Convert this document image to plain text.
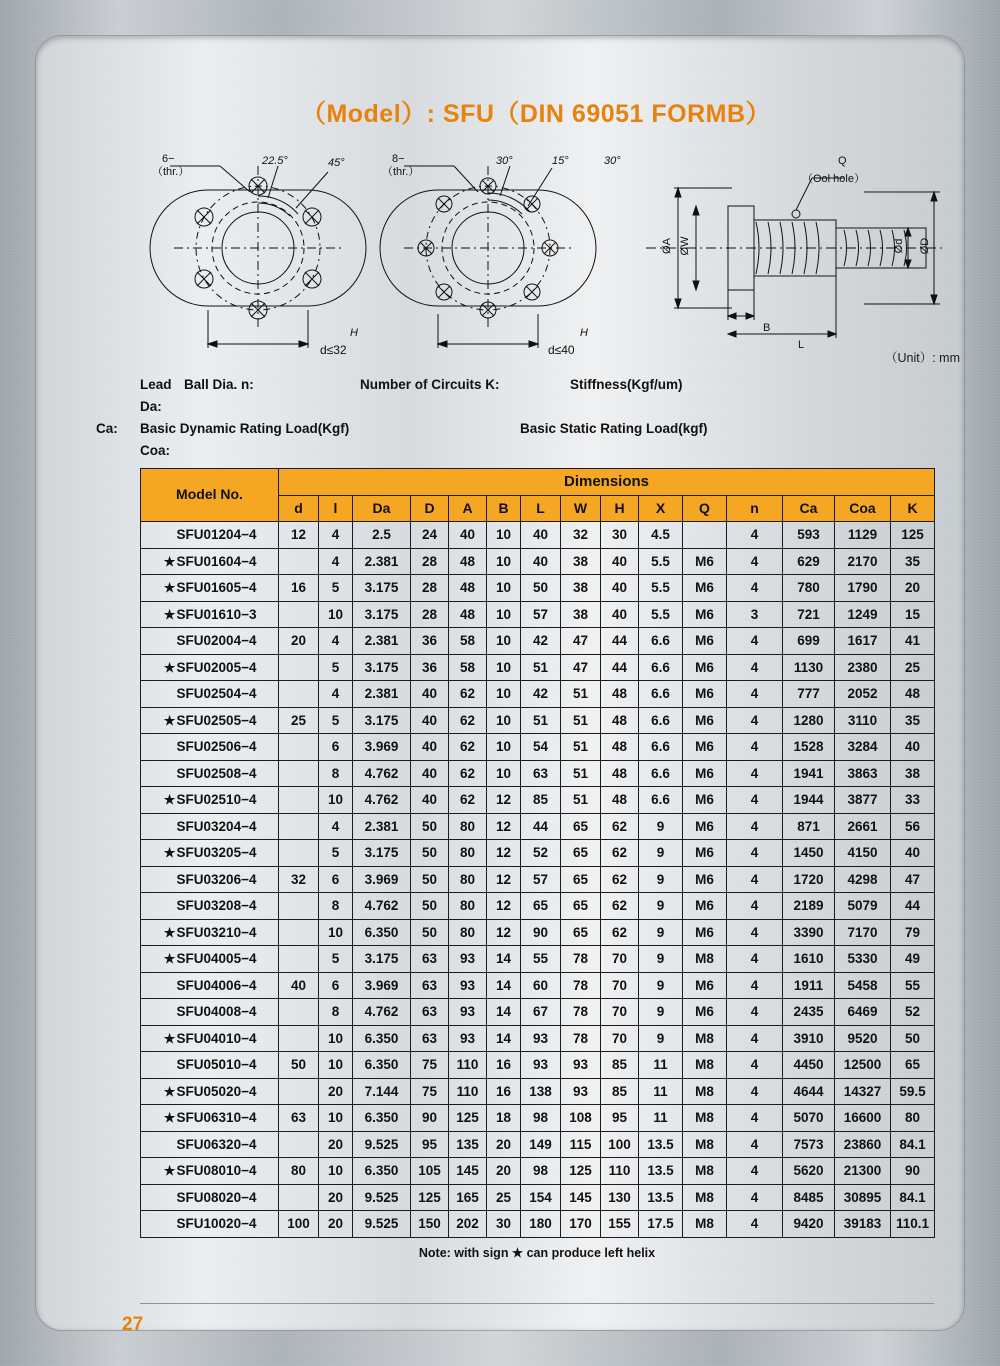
（Model）: SFU（DIN 69051 FORMB）
6−
（thr.）
22.5°	45°
H
d≤32
8−
（thr.）
30°	15°	30°
H
d≤40
Q
（Ool hole）
ØA ØW	Ød ØD
B
L
（Unit）: mm
Lead Da:
Ball Dia. n:	Number of Circuits K:	Stiffness(Kgf/um)
Ca:	Basic Dynamic Rating Load(Kgf) Coa:
Basic Static Rating Load(kgf)
Model No.	Dimensions														
	d	l	Da	D	A	B	L	W	H	X	Q	n	Ca	Coa	K
SFU01204−4	12	4	2.5	24	40	10	40	32	30	4.5		4	593	1129	125
★SFU01604−4		4	2.381	28	48	10	40	38	40	5.5	M6	4	629	2170	35
★SFU01605−4	16	5	3.175	28	48	10	50	38	40	5.5	M6	4	780	1790	20
★SFU01610−3		10	3.175	28	48	10	57	38	40	5.5	M6	3	721	1249	15
SFU02004−4	20	4	2.381	36	58	10	42	47	44	6.6	M6	4	699	1617	41
★SFU02005−4		5	3.175	36	58	10	51	47	44	6.6	M6	4	1130	2380	25
SFU02504−4		4	2.381	40	62	10	42	51	48	6.6	M6	4	777	2052	48
★SFU02505−4	25	5	3.175	40	62	10	51	51	48	6.6	M6	4	1280	3110	35
SFU02506−4		6	3.969	40	62	10	54	51	48	6.6	M6	4	1528	3284	40
SFU02508−4		8	4.762	40	62	10	63	51	48	6.6	M6	4	1941	3863	38
★SFU02510−4		10	4.762	40	62	12	85	51	48	6.6	M6	4	1944	3877	33
SFU03204−4		4	2.381	50	80	12	44	65	62	9	M6	4	871	2661	56
★SFU03205−4		5	3.175	50	80	12	52	65	62	9	M6	4	1450	4150	40
SFU03206−4	32	6	3.969	50	80	12	57	65	62	9	M6	4	1720	4298	47
SFU03208−4		8	4.762	50	80	12	65	65	62	9	M6	4	2189	5079	44
★SFU03210−4		10	6.350	50	80	12	90	65	62	9	M6	4	3390	7170	79
★SFU04005−4		5	3.175	63	93	14	55	78	70	9	M8	4	1610	5330	49
SFU04006−4	40	6	3.969	63	93	14	60	78	70	9	M6	4	1911	5458	55
SFU04008−4		8	4.762	63	93	14	67	78	70	9	M6	4	2435	6469	52
★SFU04010−4		10	6.350	63	93	14	93	78	70	9	M8	4	3910	9520	50
SFU05010−4	50	10	6.350	75	110	16	93	93	85	11	M8	4	4450	12500	65
★SFU05020−4		20	7.144	75	110	16	138	93	85	11	M8	4	4644	14327	59.5
★SFU06310−4	63	10	6.350	90	125	18	98	108	95	11	M8	4	5070	16600	80
SFU06320−4		20	9.525	95	135	20	149	115	100	13.5	M8	4	7573	23860	84.1
★SFU08010−4	80	10	6.350	105	145	20	98	125	110	13.5	M8	4	5620	21300	90
SFU08020−4		20	9.525	125	165	25	154	145	130	13.5	M8	4	8485	30895	84.1
SFU10020−4	100	20	9.525	150	202	30	180	170	155	17.5	M8	4	9420	39183	110.1
Note: with sign ★ can produce left helix
27
